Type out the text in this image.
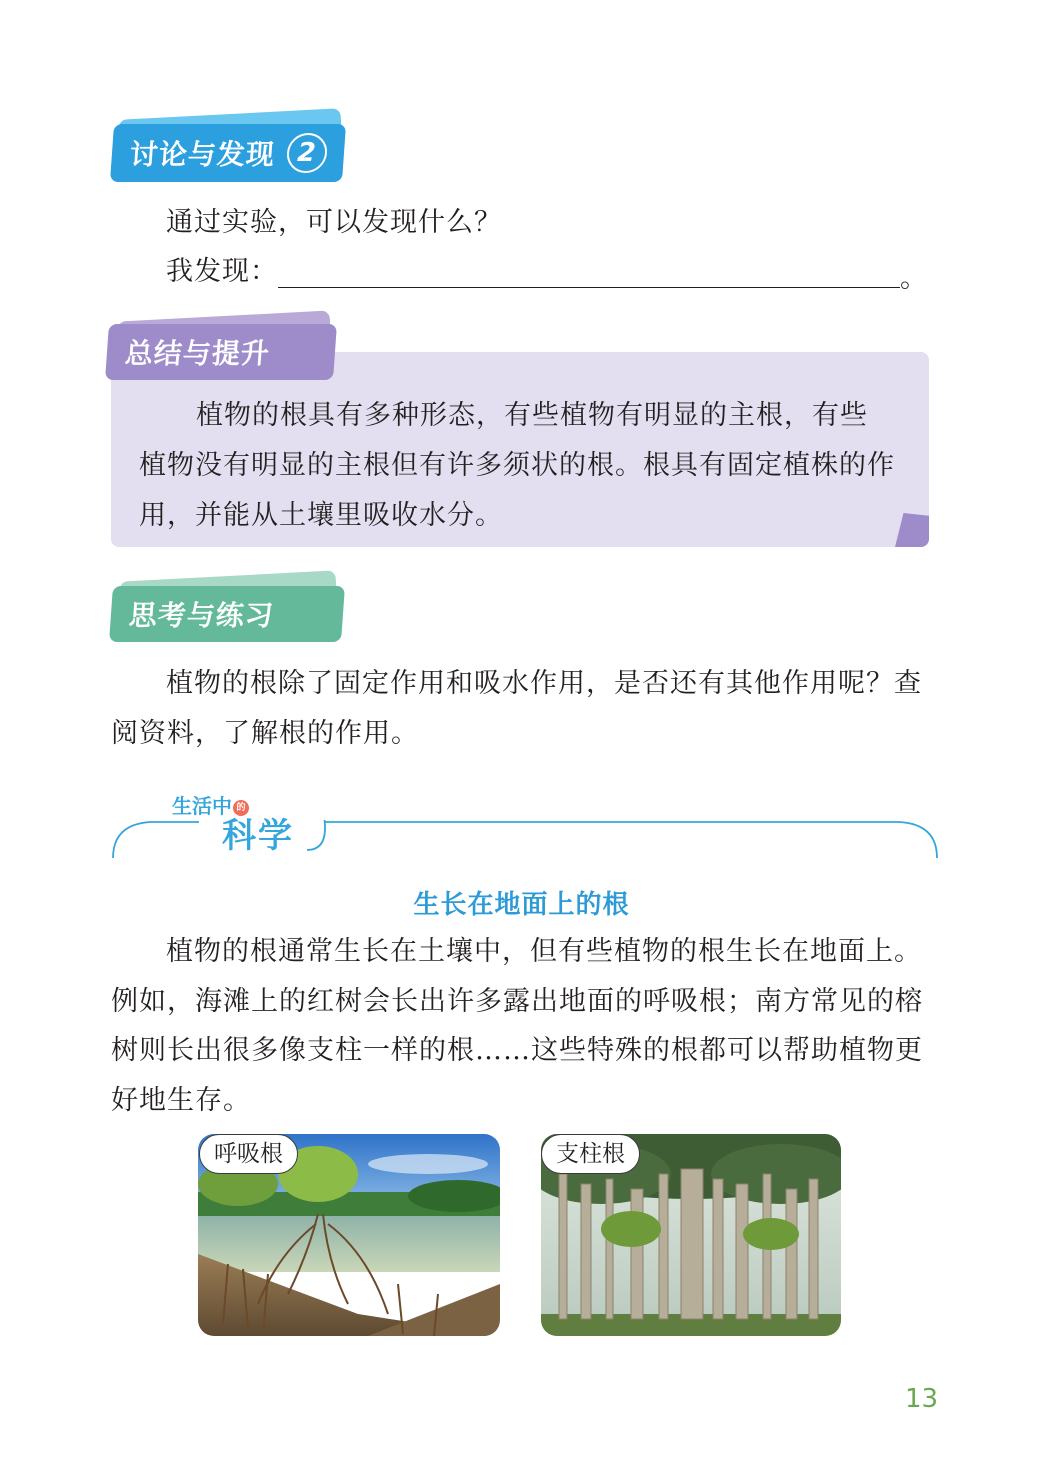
讨论与发现 2
通过实验，可以发现什么？
我发现：	。
总结与提升
植物的根具有多种形态，有些植物有明显的主根，有些
植物没有明显的主根但有许多须状的根。根具有固定植株的作
用，并能从土壤里吸收水分。
思考与练习
植物的根除了固定作用和吸水作用，是否还有其他作用呢？查
阅资料，了解根的作用。
生活中 的
科学
生长在地面上的根
植物的根通常生长在土壤中，但有些植物的根生长在地面上。
例如，海滩上的红树会长出许多露出地面的呼吸根；南方常见的榕
树则长出很多像支柱一样的根……这些特殊的根都可以帮助植物更
好地生存。
呼吸根	支柱根
13
